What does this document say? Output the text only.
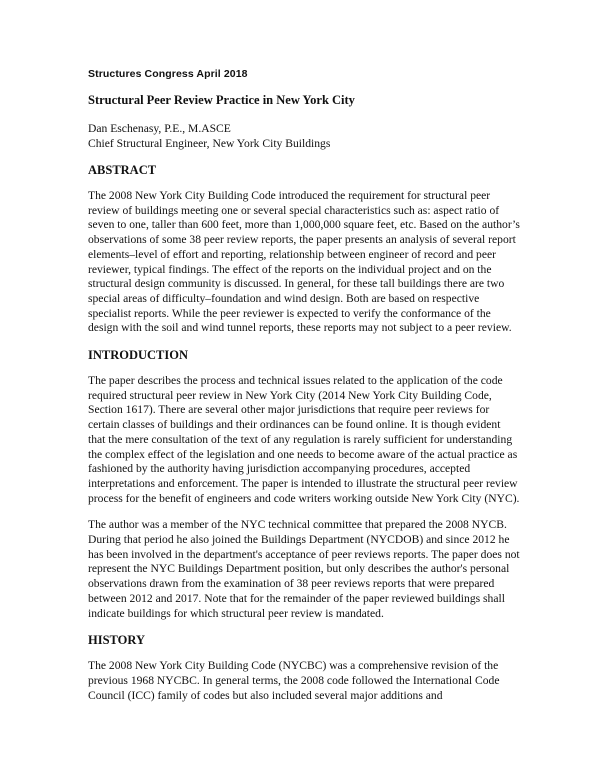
Structures Congress April 2018
Structural Peer Review Practice in New York City
Dan Eschenasy, P.E., M.ASCE
Chief Structural Engineer, New York City Buildings
ABSTRACT

The 2008 New York City Building Code introduced the requirement for structural peer review of buildings meeting one or several special characteristics such as: aspect ratio of seven to one, taller than 600 feet, more than 1,000,000 square feet, etc. Based on the author’s observations of some 38 peer review reports, the paper presents an analysis of several report elements–level of effort and reporting, relationship between engineer of record and peer reviewer, typical findings. The effect of the reports on the individual project and on the structural design community is discussed. In general, for these tall buildings there are two special areas of difficulty–foundation and wind design. Both are based on respective specialist reports. While the peer reviewer is expected to verify the conformance of the design with the soil and wind tunnel reports, these reports may not subject to a peer review.

INTRODUCTION

The paper describes the process and technical issues related to the application of the code required structural peer review in New York City (2014 New York City Building Code, Section 1617). There are several other major jurisdictions that require peer reviews for certain classes of buildings and their ordinances can be found online. It is though evident that the mere consultation of the text of any regulation is rarely sufficient for understanding the complex effect of the legislation and one needs to become aware of the actual practice as fashioned by the authority having jurisdiction accompanying procedures, accepted interpretations and enforcement. The paper is intended to illustrate the structural peer review process for the benefit of engineers and code writers working outside New York City (NYC).

The author was a member of the NYC technical committee that prepared the 2008 NYCB. During that period he also joined the Buildings Department (NYCDOB) and since 2012 he has been involved in the department's acceptance of peer reviews reports. The paper does not represent the NYC Buildings Department position, but only describes the author's personal observations drawn from the examination of 38 peer reviews reports that were prepared between 2012 and 2017. Note that for the remainder of the paper reviewed buildings shall indicate buildings for which structural peer review is mandated.

HISTORY

The 2008 New York City Building Code (NYCBC) was a comprehensive revision of the previous 1968 NYCBC. In general terms, the 2008 code followed the International Code Council (ICC) family of codes but also included several major additions and
